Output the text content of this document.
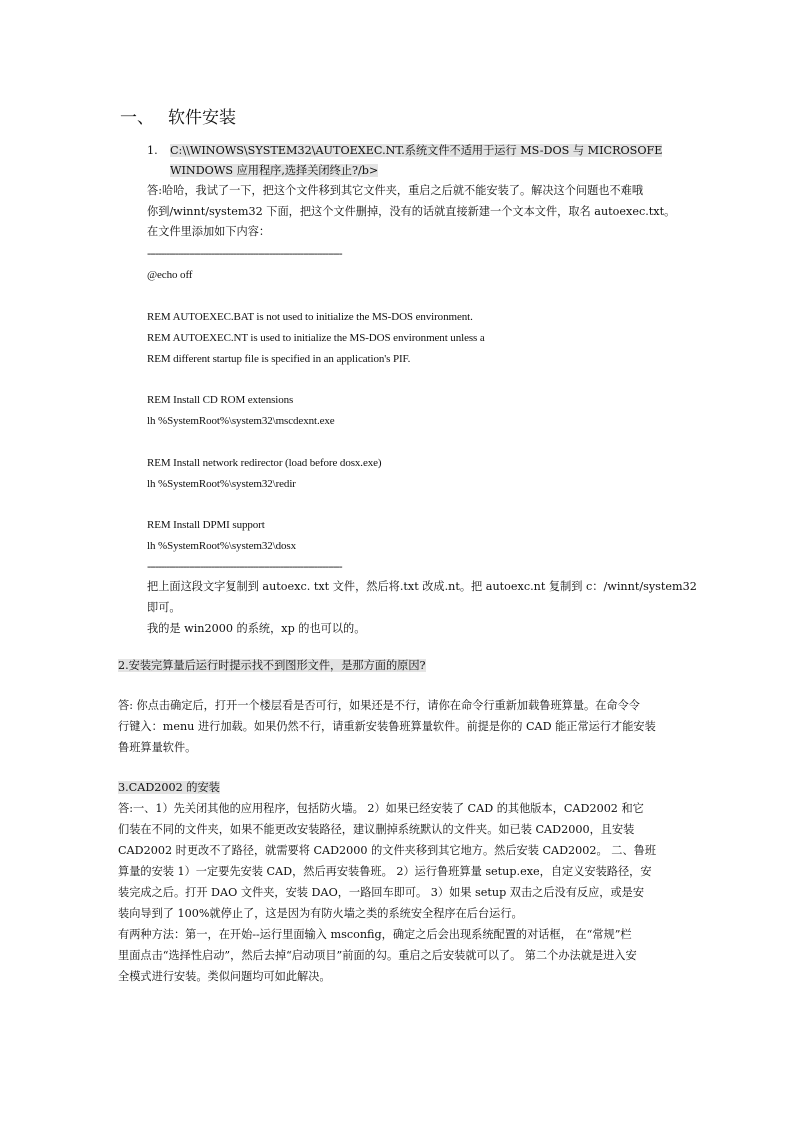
一、 软件安装
1. C:\\WINOWS\SYSTEM32\AUTOEXEC.NT.系统文件不适用于运行 MS-DOS 与 MICROSOFE
WINDOWS 应用程序,选择关闭终止?/b>
答:哈哈，我试了一下，把这个文件移到其它文件夹，重启之后就不能安装了。解决这个问题也不难哦
你到/winnt/system32 下面，把这个文件删掉，没有的话就直接新建一个文本文件，取名 autoexec.txt。
在文件里添加如下内容：
----------------------------------------------------------------------
@echo off
REM AUTOEXEC.BAT is not used to initialize the MS-DOS environment.
REM AUTOEXEC.NT is used to initialize the MS-DOS environment unless a
REM different startup file is specified in an application's PIF.
REM Install CD ROM extensions
lh %SystemRoot%\system32\mscdexnt.exe
REM Install network redirector (load before dosx.exe)
lh %SystemRoot%\system32\redir
REM Install DPMI support
lh %SystemRoot%\system32\dosx
----------------------------------------------------------------------
把上面这段文字复制到 autoexc. txt 文件，然后将.txt 改成.nt。把 autoexc.nt 复制到 c：/winnt/system32
即可。
我的是 win2000 的系统，xp 的也可以的。
2.安装完算量后运行时提示找不到图形文件，是那方面的原因?
答: 你点击确定后，打开一个楼层看是否可行，如果还是不行，请你在命令行重新加载鲁班算量。在命令令
行键入：menu 进行加载。如果仍然不行，请重新安装鲁班算量软件。前提是你的 CAD 能正常运行才能安装
鲁班算量软件。
3.CAD2002 的安装
答:一、1）先关闭其他的应用程序，包括防火墙。 2）如果已经安装了 CAD 的其他版本，CAD2002 和它
们装在不同的文件夹，如果不能更改安装路径，建议删掉系统默认的文件夹。如已装 CAD2000，且安装
CAD2002 时更改不了路径，就需要将 CAD2000 的文件夹移到其它地方。然后安装 CAD2002。 二、鲁班
算量的安装 1）一定要先安装 CAD，然后再安装鲁班。 2）运行鲁班算量 setup.exe，自定义安装路径，安
装完成之后。打开 DAO 文件夹，安装 DAO，一路回车即可。 3）如果 setup 双击之后没有反应，或是安
装向导到了 100%就停止了，这是因为有防火墙之类的系统安全程序在后台运行。
有两种方法：第一，在开始--运行里面输入 msconfig，确定之后会出现系统配置的对话框， 在“常规”栏
里面点击“选择性启动”，然后去掉“启动项目”前面的勾。重启之后安装就可以了。 第二个办法就是进入安
全模式进行安装。类似问题均可如此解决。
